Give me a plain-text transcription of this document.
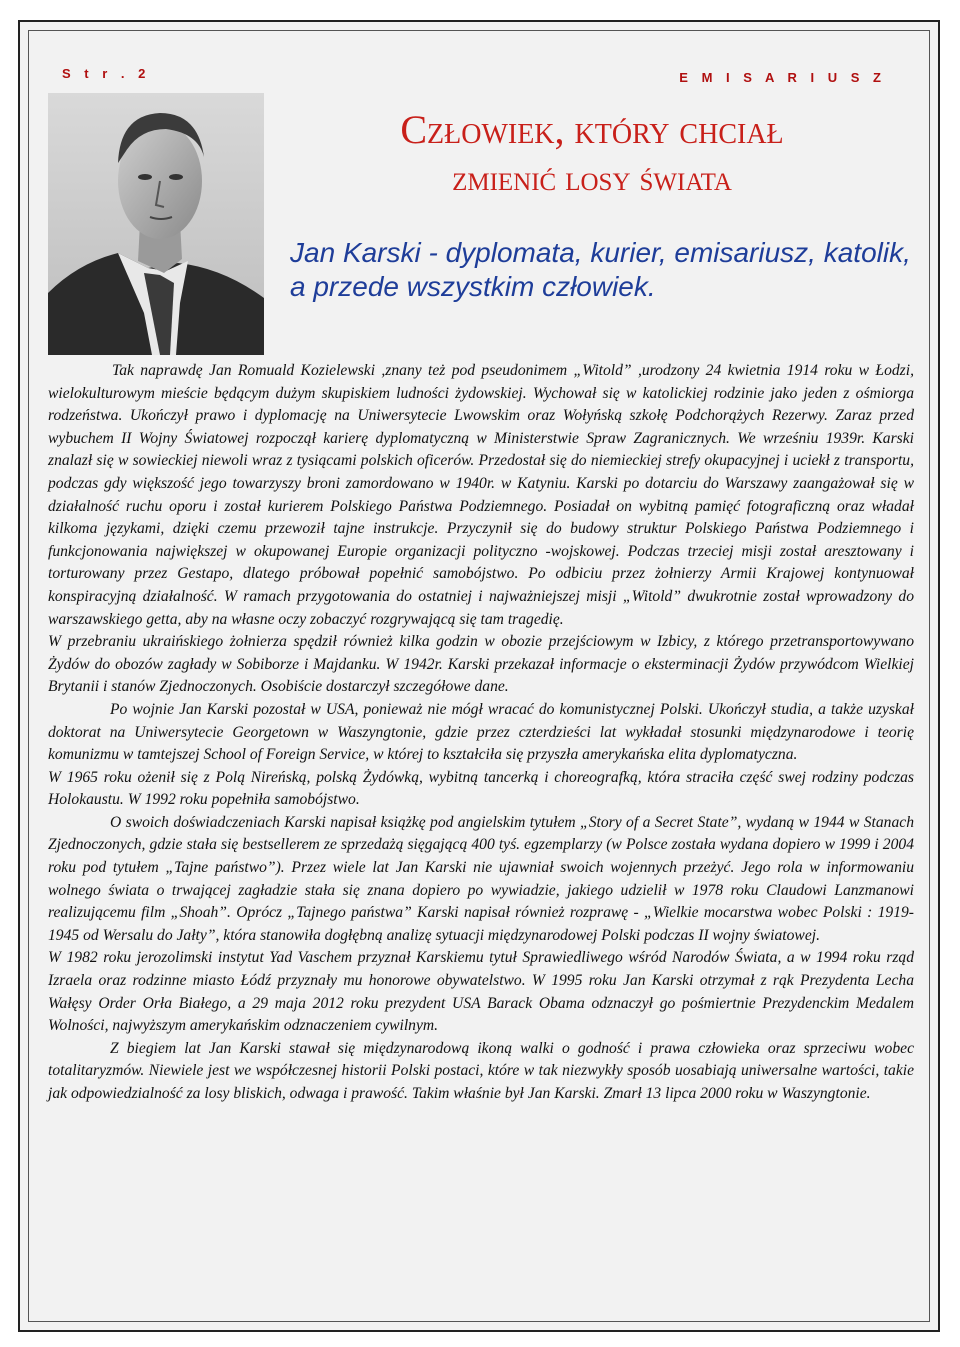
S t r . 2	E M I S A R I U S Z
Człowiek, który chciał
zmienić losy świata
Jan Karski - dyplomata, kurier, emisariusz, katolik, a przede wszystkim człowiek.

Tak naprawdę Jan Romuald Kozielewski ,znany też pod pseudonimem „Witold” ,urodzony 24 kwietnia 1914 roku w Łodzi, wielokulturowym mieście będącym dużym skupiskiem ludności żydowskiej. Wychował się w katolickiej rodzinie jako jeden z ośmiorga rodzeństwa. Ukończył prawo i dyplomację na Uniwersytecie Lwowskim oraz Wołyńską szkołę Podchorążych Rezerwy. Zaraz przed wybuchem II Wojny Światowej rozpoczął karierę dyplomatyczną w Ministerstwie Spraw Zagranicznych. We wrześniu 1939r. Karski znalazł się w sowieckiej niewoli wraz z tysiącami polskich oficerów. Przedostał się do niemieckiej strefy okupacyjnej i uciekł z transportu, podczas gdy większość jego towarzyszy broni zamordowano w 1940r. w Katyniu. Karski po dotarciu do Warszawy zaangażował się w działalność ruchu oporu i został kurierem Polskiego Państwa Podziemnego. Posiadał on wybitną pamięć fotograficzną oraz władał kilkoma językami, dzięki czemu przewoził tajne instrukcje. Przyczynił się do budowy struktur Polskiego Państwa Podziemnego i funkcjonowania największej w okupowanej Europie organizacji polityczno -wojskowej. Podczas trzeciej misji został aresztowany i torturowany przez Gestapo, dlatego próbował popełnić samobójstwo. Po odbiciu przez żołnierzy Armii Krajowej kontynuował konspiracyjną działalność. W ramach przygotowania do ostatniej i najważniejszej misji „Witold” dwukrotnie został wprowadzony do warszawskiego getta, aby na własne oczy zobaczyć rozgrywającą się tam tragedię.

W przebraniu ukraińskiego żołnierza spędził również kilka godzin w obozie przejściowym w Izbicy, z którego przetransportowywano Żydów do obozów zagłady w Sobiborze i Majdanku. W 1942r. Karski przekazał informacje o eksterminacji Żydów przywódcom Wielkiej Brytanii i stanów Zjednoczonych. Osobiście dostarczył szczegółowe dane.

Po wojnie Jan Karski pozostał w USA, ponieważ nie mógł wracać do komunistycznej Polski. Ukończył studia, a także uzyskał doktorat na Uniwersytecie Georgetown w Waszyngtonie, gdzie przez czterdzieści lat wykładał stosunki międzynarodowe i teorię komunizmu w tamtejszej School of Foreign Service, w której to kształciła się przyszła amerykańska elita dyplomatyczna.

W 1965 roku ożenił się z Polą Nireńską, polską Żydówką, wybitną tancerką i choreografką, która straciła część swej rodziny podczas Holokaustu. W 1992 roku popełniła samobójstwo.

O swoich doświadczeniach Karski napisał książkę pod angielskim tytułem „Story of a Secret State”, wydaną w 1944 w Stanach Zjednoczonych, gdzie stała się bestsellerem ze sprzedażą sięgającą 400 tyś. egzemplarzy (w Polsce została wydana dopiero w 1999 i 2004 roku pod tytułem „Tajne państwo”). Przez wiele lat Jan Karski nie ujawniał swoich wojennych przeżyć. Jego rola w informowaniu wolnego świata o trwającej zagładzie stała się znana dopiero po wywiadzie, jakiego udzielił w 1978 roku Claudowi Lanzmanowi realizującemu film „Shoah”. Oprócz „Tajnego państwa” Karski napisał również rozprawę - „Wielkie mocarstwa wobec Polski : 1919-1945 od Wersalu do Jałty”, która stanowiła dogłębną analizę sytuacji międzynarodowej Polski podczas II wojny światowej.

W 1982 roku jerozolimski instytut Yad Vaschem przyznał Karskiemu tytuł Sprawiedliwego wśród Narodów Świata, a w 1994 roku rząd Izraela oraz rodzinne miasto Łódź przyznały mu honorowe obywatelstwo. W 1995 roku Jan Karski otrzymał z rąk Prezydenta Lecha Wałęsy Order Orła Białego, a 29 maja 2012 roku prezydent USA Barack Obama odznaczył go pośmiertnie Prezydenckim Medalem Wolności, najwyższym amerykańskim odznaczeniem cywilnym.

Z biegiem lat Jan Karski stawał się międzynarodową ikoną walki o godność i prawa człowieka oraz sprzeciwu wobec totalitaryzmów. Niewiele jest we współczesnej historii Polski postaci, które w tak niezwykły sposób uosabiają uniwersalne wartości, takie jak odpowiedzialność za losy bliskich, odwaga i prawość. Takim właśnie był Jan Karski. Zmarł 13 lipca 2000 roku w Waszyngtonie.
